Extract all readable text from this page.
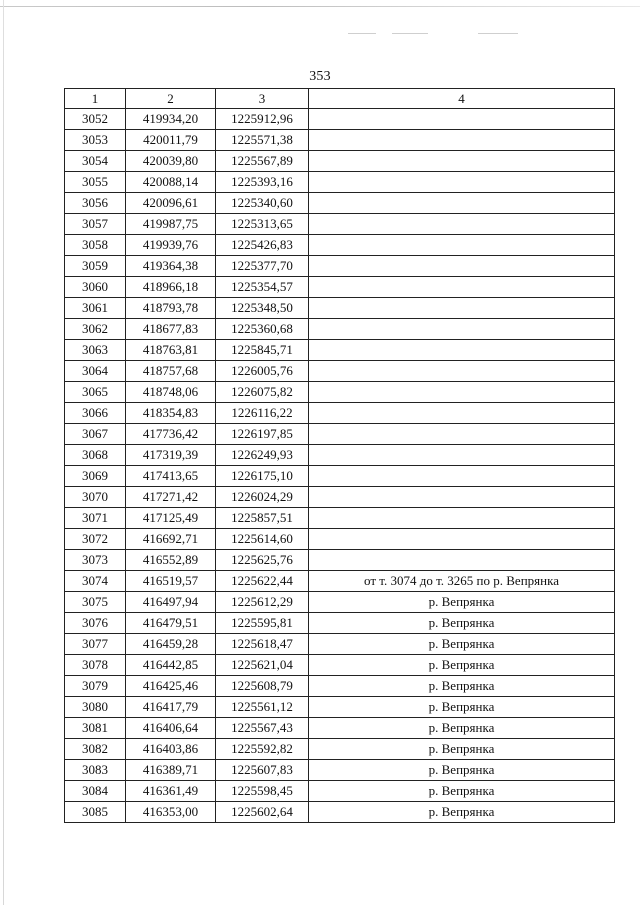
353
1	2	3	4
3052	419934,20	1225912,96	
3053	420011,79	1225571,38	
3054	420039,80	1225567,89	
3055	420088,14	1225393,16	
3056	420096,61	1225340,60	
3057	419987,75	1225313,65	
3058	419939,76	1225426,83	
3059	419364,38	1225377,70	
3060	418966,18	1225354,57	
3061	418793,78	1225348,50	
3062	418677,83	1225360,68	
3063	418763,81	1225845,71	
3064	418757,68	1226005,76	
3065	418748,06	1226075,82	
3066	418354,83	1226116,22	
3067	417736,42	1226197,85	
3068	417319,39	1226249,93	
3069	417413,65	1226175,10	
3070	417271,42	1226024,29	
3071	417125,49	1225857,51	
3072	416692,71	1225614,60	
3073	416552,89	1225625,76	
3074	416519,57	1225622,44	от т. 3074 до т. 3265 по р. Вепрянка
3075	416497,94	1225612,29	р. Вепрянка
3076	416479,51	1225595,81	р. Вепрянка
3077	416459,28	1225618,47	р. Вепрянка
3078	416442,85	1225621,04	р. Вепрянка
3079	416425,46	1225608,79	р. Вепрянка
3080	416417,79	1225561,12	р. Вепрянка
3081	416406,64	1225567,43	р. Вепрянка
3082	416403,86	1225592,82	р. Вепрянка
3083	416389,71	1225607,83	р. Вепрянка
3084	416361,49	1225598,45	р. Вепрянка
3085	416353,00	1225602,64	р. Вепрянка
